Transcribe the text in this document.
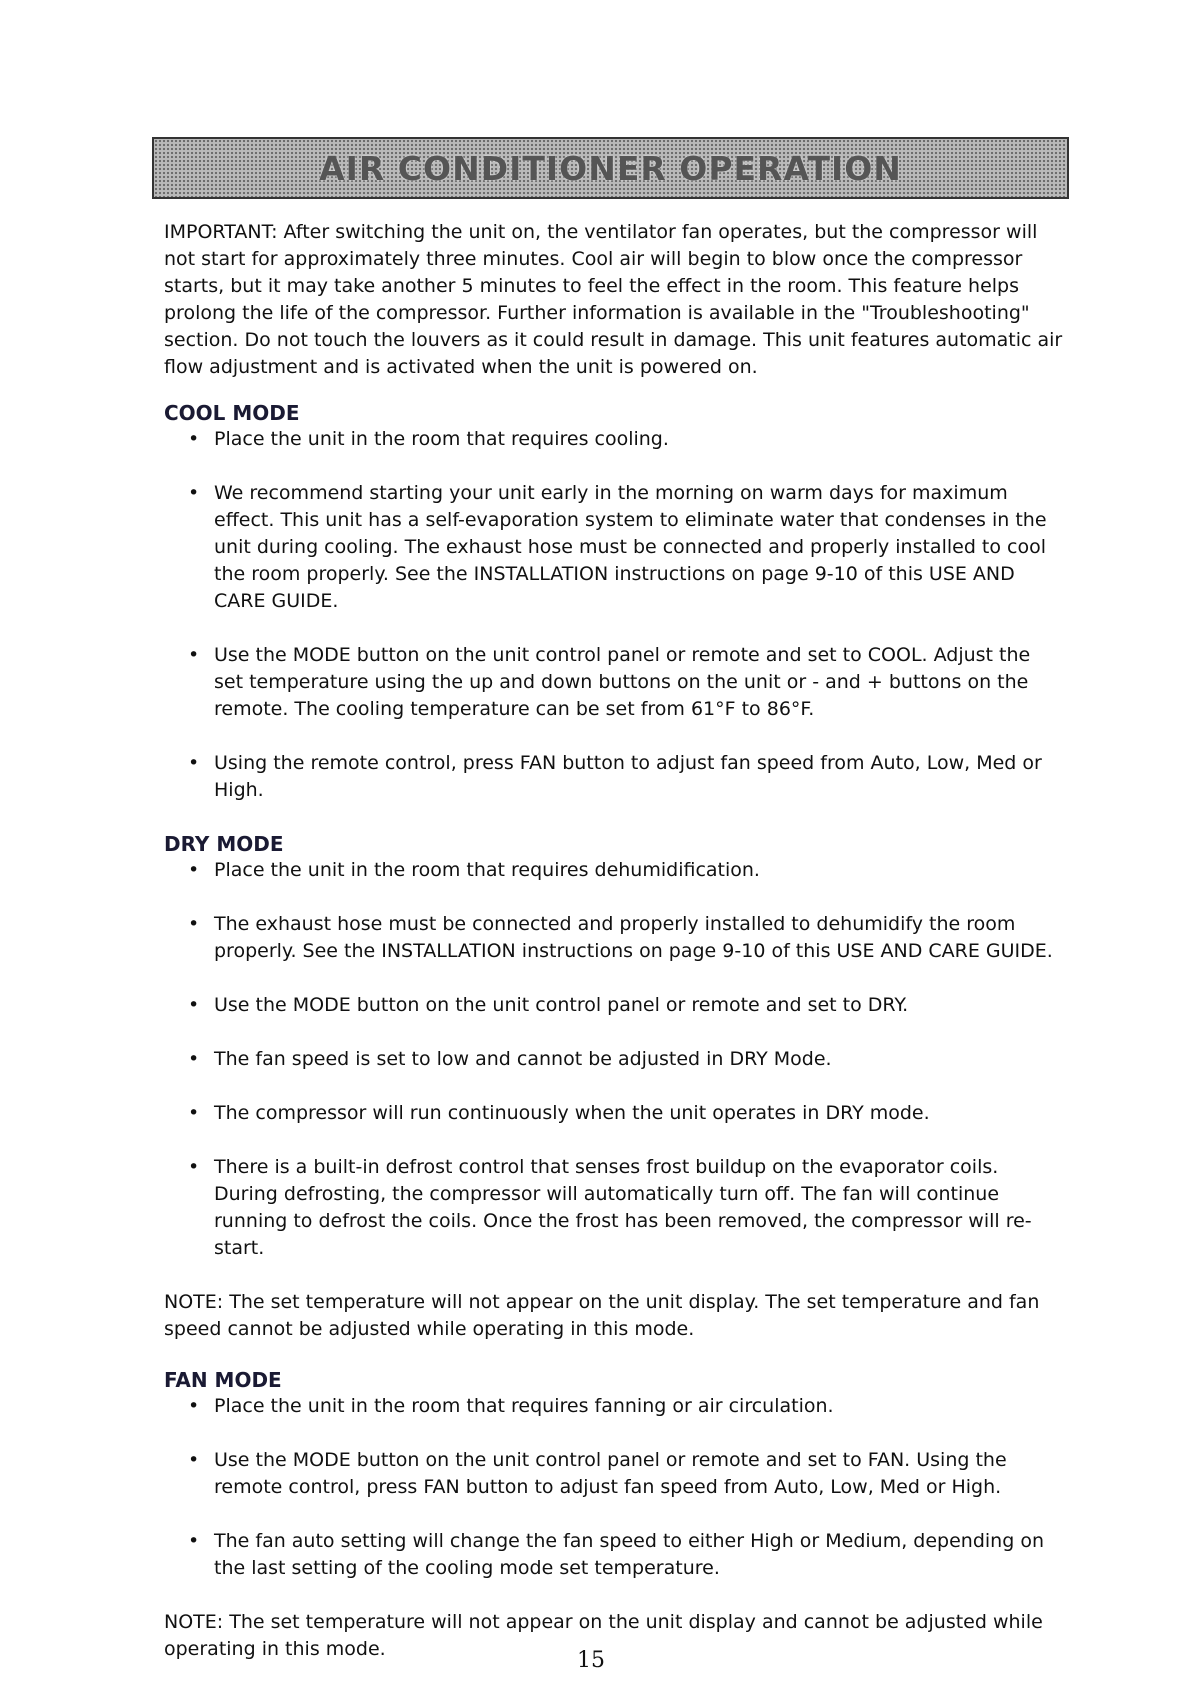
AIR CONDITIONER OPERATION

IMPORTANT: After switching the unit on, the ventilator fan operates, but the compressor will not start for approximately three minutes. Cool air will begin to blow once the compressor starts, but it may take another 5 minutes to feel the effect in the room. This feature helps prolong the life of the compressor. Further information is available in the "Troubleshooting" section. Do not touch the louvers as it could result in damage. This unit features automatic air flow adjustment and is activated when the unit is powered on.

COOL MODE
• Place the unit in the room that requires cooling.
• We recommend starting your unit early in the morning on warm days for maximum effect. This unit has a self-evaporation system to eliminate water that condenses in the unit during cooling. The exhaust hose must be connected and properly installed to cool the room properly. See the INSTALLATION instructions on page 9-10 of this USE AND CARE GUIDE.
• Use the MODE button on the unit control panel or remote and set to COOL. Adjust the set temperature using the up and down buttons on the unit or - and + buttons on the remote. The cooling temperature can be set from 61°F to 86°F.
• Using the remote control, press FAN button to adjust fan speed from Auto, Low, Med or High.
DRY MODE
• Place the unit in the room that requires dehumidification.
• The exhaust hose must be connected and properly installed to dehumidify the room properly. See the INSTALLATION instructions on page 9-10 of this USE AND CARE GUIDE.
• Use the MODE button on the unit control panel or remote and set to DRY.
• The fan speed is set to low and cannot be adjusted in DRY Mode.
• The compressor will run continuously when the unit operates in DRY mode.
• There is a built-in defrost control that senses frost buildup on the evaporator coils. During defrosting, the compressor will automatically turn off. The fan will continue running to defrost the coils. Once the frost has been removed, the compressor will re-start.

NOTE: The set temperature will not appear on the unit display. The set temperature and fan speed cannot be adjusted while operating in this mode.

FAN MODE
• Place the unit in the room that requires fanning or air circulation.
• Use the MODE button on the unit control panel or remote and set to FAN. Using the remote control, press FAN button to adjust fan speed from Auto, Low, Med or High.
• The fan auto setting will change the fan speed to either High or Medium, depending on the last setting of the cooling mode set temperature.

NOTE: The set temperature will not appear on the unit display and cannot be adjusted while operating in this mode.	15
